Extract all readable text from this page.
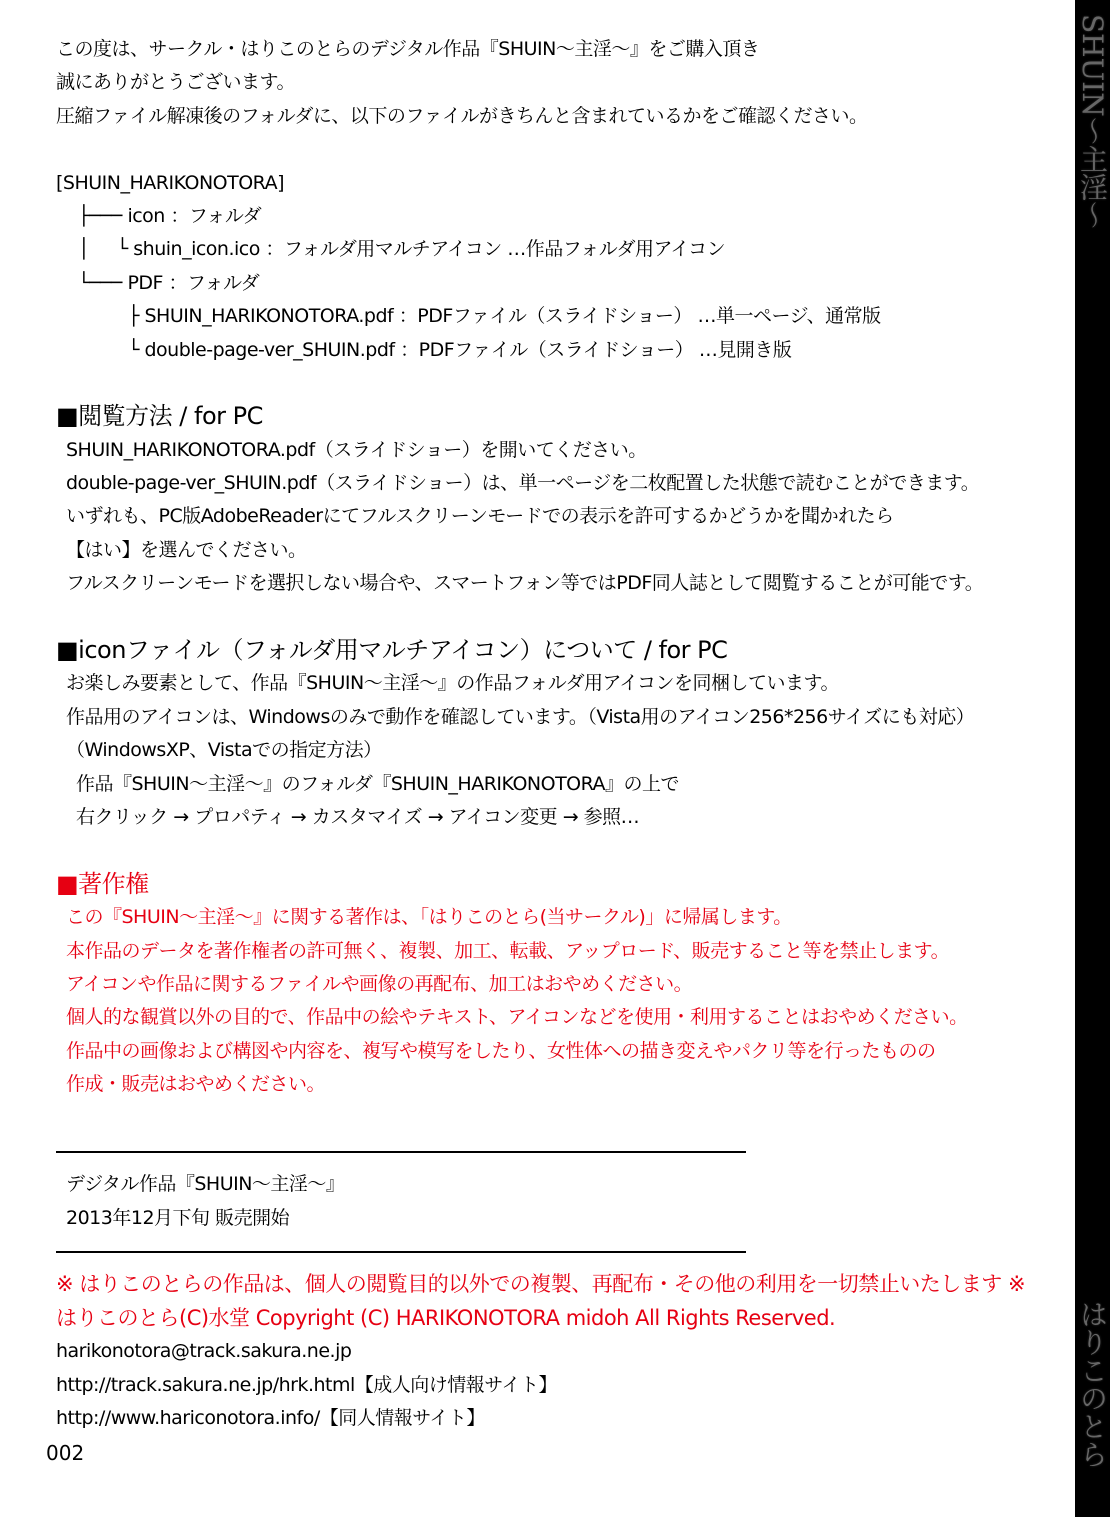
この度は、サークル・はりこのとらのデジタル作品『SHUIN～主淫～』をご購入頂き
誠にありがとうございます。
圧縮ファイル解凍後のフォルダに、以下のファイルがきちんと含まれているかをご確認ください。
[SHUIN_HARIKONOTORA]
├─── icon ：フォルダ
│     └ shuin_icon.ico ：フォルダ用マルチアイコン …作品フォルダ用アイコン
└─── PDF ：フォルダ
├ SHUIN_HARIKONOTORA.pdf ：PDFファイル（スライドショー） …単一ページ、通常版
└ double-page-ver_SHUIN.pdf ：PDFファイル（スライドショー） …見開き版
■閲覧方法 / for PC
SHUIN_HARIKONOTORA.pdf（スライドショー）を開いてください。
double-page-ver_SHUIN.pdf（スライドショー）は、単一ページを二枚配置した状態で読むことができます。
いずれも、PC版AdobeReaderにてフルスクリーンモードでの表示を許可するかどうかを聞かれたら
【はい】を選んでください。
フルスクリーンモードを選択しない場合や、スマートフォン等ではPDF同人誌として閲覧することが可能です。
■iconファイル（フォルダ用マルチアイコン）について / for PC
お楽しみ要素として、作品『SHUIN～主淫～』の作品フォルダ用アイコンを同梱しています。
作品用のアイコンは、Windowsのみで動作を確認しています。（Vista用のアイコン256*256サイズにも対応）
（WindowsXP、Vistaでの指定方法）
作品『SHUIN～主淫～』のフォルダ『SHUIN_HARIKONOTORA』の上で
右クリック → プロパティ → カスタマイズ → アイコン変更 → 参照…
■著作権
この『SHUIN～主淫～』に関する著作は、「はりこのとら(当サークル)」に帰属します。
本作品のデータを著作権者の許可無く、複製、加工、転載、アップロード、販売すること等を禁止します。
アイコンや作品に関するファイルや画像の再配布、加工はおやめください。
個人的な観賞以外の目的で、作品中の絵やテキスト、アイコンなどを使用・利用することはおやめください。
作品中の画像および構図や内容を、複写や模写をしたり、女性体への描き変えやパクリ等を行ったものの
作成・販売はおやめください。
デジタル作品『SHUIN～主淫～』
2013年12月下旬 販売開始
※ はりこのとらの作品は、個人の閲覧目的以外での複製、再配布・その他の利用を一切禁止いたします ※
はりこのとら(C)水堂 Copyright (C) HARIKONOTORA midoh All Rights Reserved.
harikonotora@track.sakura.ne.jp
http://track.sakura.ne.jp/hrk.html【成人向け情報サイト】
http://www.hariconotora.info/【同人情報サイト】
002
SHUIN～主淫～
はりこのとら
